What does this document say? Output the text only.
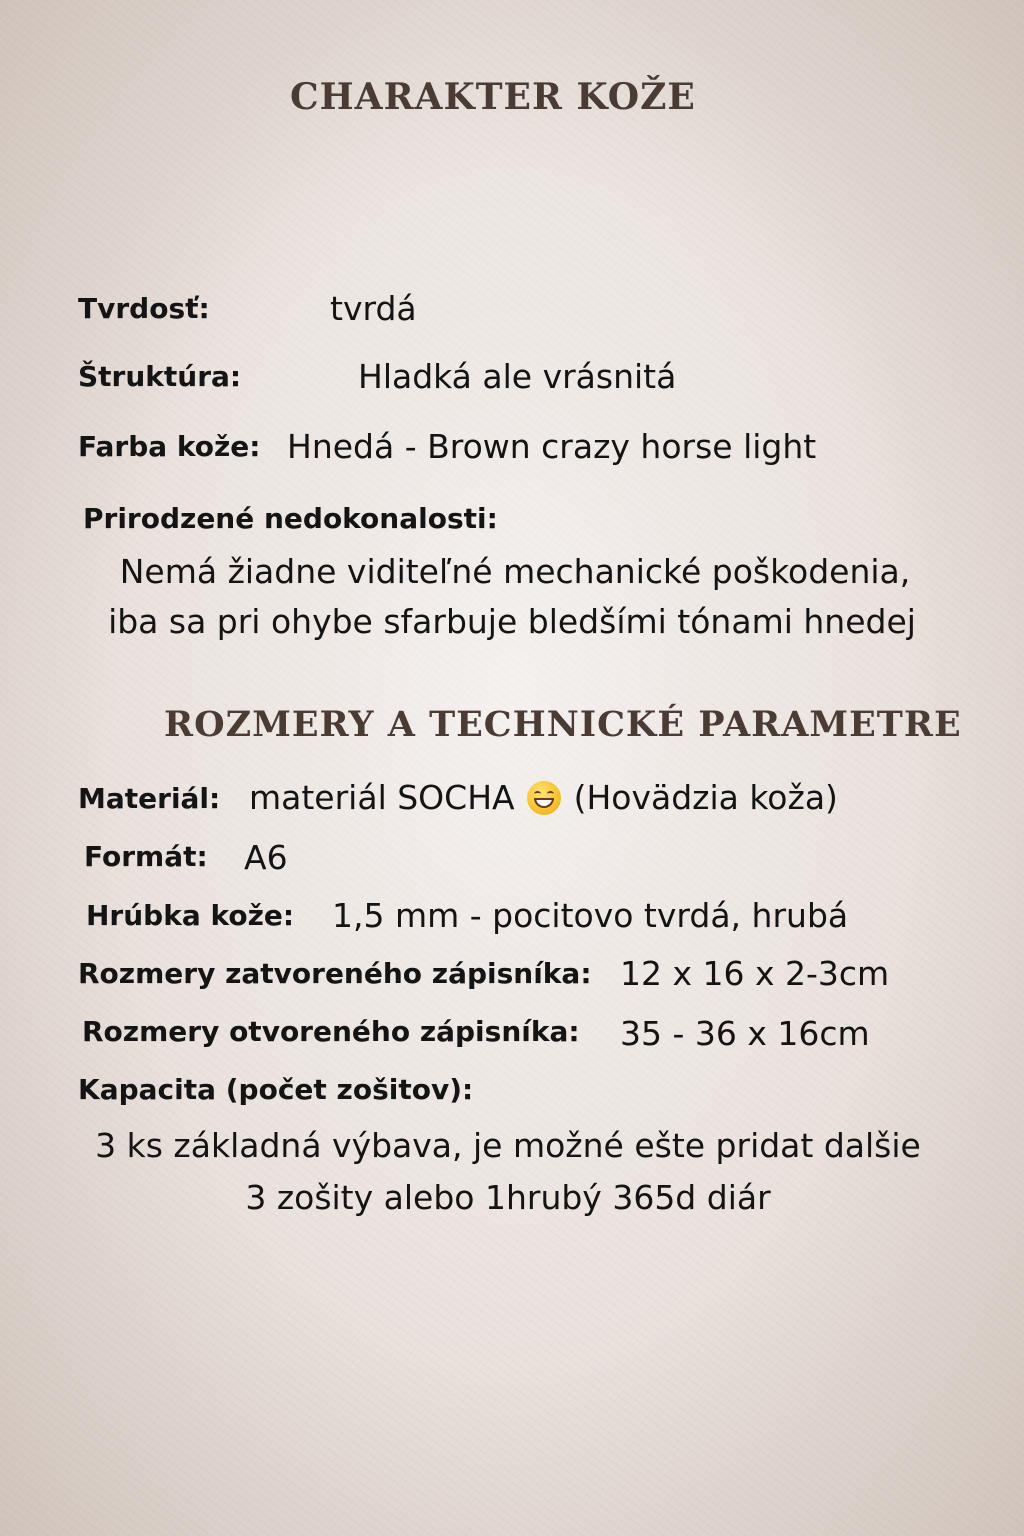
CHARAKTER KOŽE
Tvrdosť:	tvrdá
Štruktúra:	Hladká ale vrásnitá
Farba kože: Hnedá - Brown crazy horse light
Prirodzené nedokonalosti:
Nemá žiadne viditeľné mechanické poškodenia,
iba sa pri ohybe sfarbuje bledšími tónami hnedej
ROZMERY A TECHNICKÉ PARAMETRE
Materiál: materiál SOCHA (Hovädzia koža)
Formát: A6
Hrúbka kože: 1,5 mm - pocitovo tvrdá, hrubá
Rozmery zatvoreného zápisníka: 12 x 16 x 2-3cm
Rozmery otvoreného zápisníka: 35 - 36 x 16cm
Kapacita (počet zošitov):
3 ks základná výbava, je možné ešte pridat dalšie
3 zošity alebo 1hrubý 365d diár
